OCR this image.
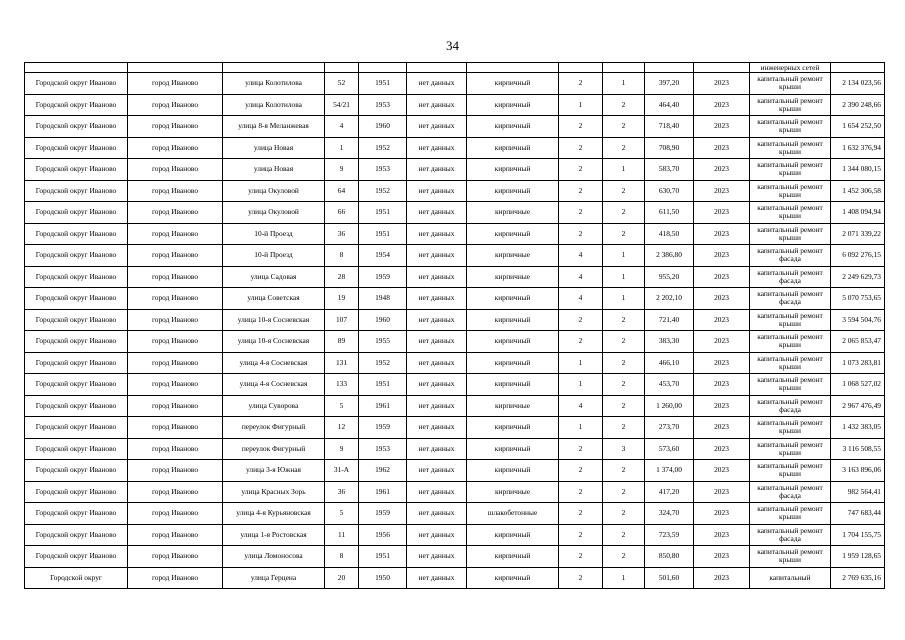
34
											инженерных сетей	
Городской округ Иваново	город Иваново	улица Колотилова	52	1951	нет данных	кирпичный	2	1	397,20	2023	капитальный ремонт крыши	2 134 023,56
Городской округ Иваново	город Иваново	улица Колотилова	54/21	1953	нет данных	кирпичный	1	2	464,40	2023	капитальный ремонт крыши	2 390 248,66
Городской округ Иваново	город Иваново	улица 8-я Меланжевая	4	1960	нет данных	кирпичный	2	2	718,40	2023	капитальный ремонт крыши	1 654 252,50
Городской округ Иваново	город Иваново	улица Новая	1	1952	нет данных	кирпичный	2	2	708,90	2023	капитальный ремонт крыши	1 632 376,94
Городской округ Иваново	город Иваново	улица Новая	9	1953	нет данных	кирпичный	2	1	583,70	2023	капитальный ремонт крыши	1 344 080,15
Городской округ Иваново	город Иваново	улица Окуловой	64	1952	нет данных	кирпичный	2	2	630,70	2023	капитальный ремонт крыши	1 452 306,58
Городской округ Иваново	город Иваново	улица Окуловой	66	1951	нет данных	кирпичные	2	2	611,50	2023	капитальный ремонт крыши	1 408 094,94
Городской округ Иваново	город Иваново	10-й Проезд	36	1951	нет данных	кирпичный	2	2	418,50	2023	капитальный ремонт крыши	2 071 339,22
Городской округ Иваново	город Иваново	10-й Проезд	8	1954	нет данных	кирпичные	4	1	2 386,80	2023	капитальный ремонт фасада	6 092 276,15
Городской округ Иваново	город Иваново	улица Садовая	28	1959	нет данных	кирпичные	4	1	955,20	2023	капитальный ремонт фасада	2 249 629,73
Городской округ Иваново	город Иваново	улица Советская	19	1948	нет данных	кирпичный	4	1	2 202,10	2023	капитальный ремонт фасада	5 070 753,65
Городской округ Иваново	город Иваново	улица 10-я Сосневская	107	1960	нет данных	кирпичный	2	2	721,40	2023	капитальный ремонт крыши	3 594 504,76
Городской округ Иваново	город Иваново	улица 10-я Сосневская	89	1955	нет данных	кирпичный	2	2	383,30	2023	капитальный ремонт крыши	2 065 853,47
Городской округ Иваново	город Иваново	улица 4-я Сосневская	131	1952	нет данных	кирпичный	1	2	466,10	2023	капитальный ремонт крыши	1 073 283,81
Городской округ Иваново	город Иваново	улица 4-я Сосневская	133	1951	нет данных	кирпичный	1	2	453,70	2023	капитальный ремонт крыши	1 068 527,02
Городской округ Иваново	город Иваново	улица Суворова	5	1961	нет данных	кирпичные	4	2	1 260,00	2023	капитальный ремонт фасада	2 967 476,49
Городской округ Иваново	город Иваново	переулок Фигурный	12	1959	нет данных	кирпичный	1	2	273,70	2023	капитальный ремонт крыши	1 432 383,05
Городской округ Иваново	город Иваново	переулок Фигурный	9	1953	нет данных	кирпичный	2	3	573,60	2023	капитальный ремонт крыши	3 116 508,55
Городской округ Иваново	город Иваново	улица 3-я Южная	31-А	1962	нет данных	кирпичный	2	2	1 374,00	2023	капитальный ремонт крыши	3 163 896,06
Городской округ Иваново	город Иваново	улица Красных Зорь	36	1961	нет данных	кирпичные	2	2	417,20	2023	капитальный ремонт фасада	982 564,41
Городской округ Иваново	город Иваново	улица 4-я Курьяновская	5	1959	нет данных	шлакобетонные	2	2	324,70	2023	капитальный ремонт крыши	747 683,44
Городской округ Иваново	город Иваново	улица 1-я Ростовская	11	1956	нет данных	кирпичный	2	2	723,59	2023	капитальный ремонт фасада	1 704 155,75
Городской округ Иваново	город Иваново	улица Ломоносова	8	1951	нет данных	кирпичный	2	2	850,80	2023	капитальный ремонт крыши	1 959 128,65
Городской округ	город Иваново	улица Герцена	20	1950	нет данных	кирпичный	2	1	501,60	2023	капитальный	2 769 635,16
